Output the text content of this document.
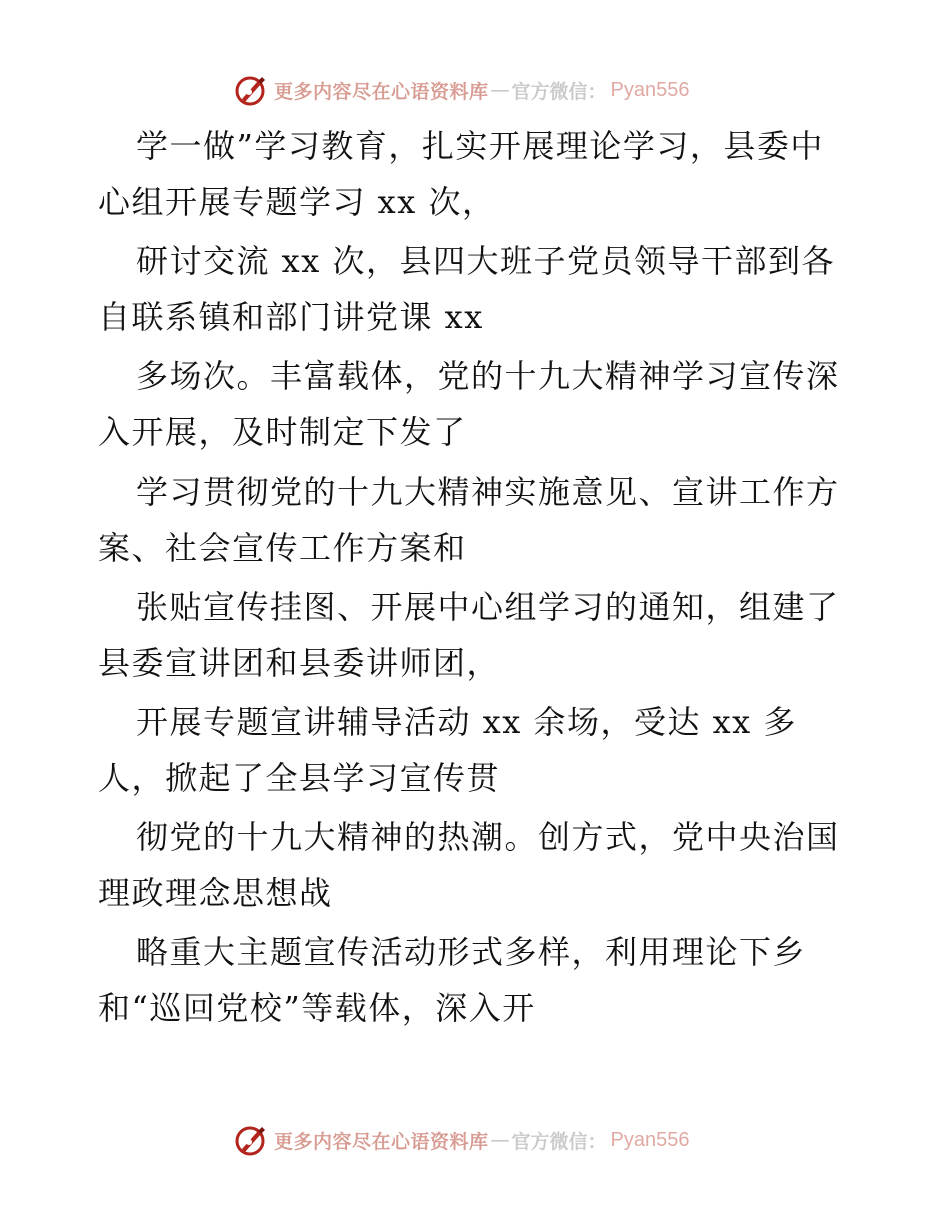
更多内容尽在心语资料库 — 官方微信： Pyan556

学一做”学习教育，扎实开展理论学习，县委中

心组开展专题学习 xx 次，

研讨交流 xx 次，县四大班子党员领导干部到各

自联系镇和部门讲党课 xx

多场次。丰富载体，党的十九大精神学习宣传深

入开展，及时制定下发了

学习贯彻党的十九大精神实施意见、宣讲工作方

案、社会宣传工作方案和

张贴宣传挂图、开展中心组学习的通知，组建了

县委宣讲团和县委讲师团，

开展专题宣讲辅导活动 xx 余场，受达 xx 多

人，掀起了全县学习宣传贯

彻党的十九大精神的热潮。创方式，党中央治国

理政理念思想战

略重大主题宣传活动形式多样，利用理论下乡

和“巡回党校”等载体，深入开

更多内容尽在心语资料库 — 官方微信： Pyan556
